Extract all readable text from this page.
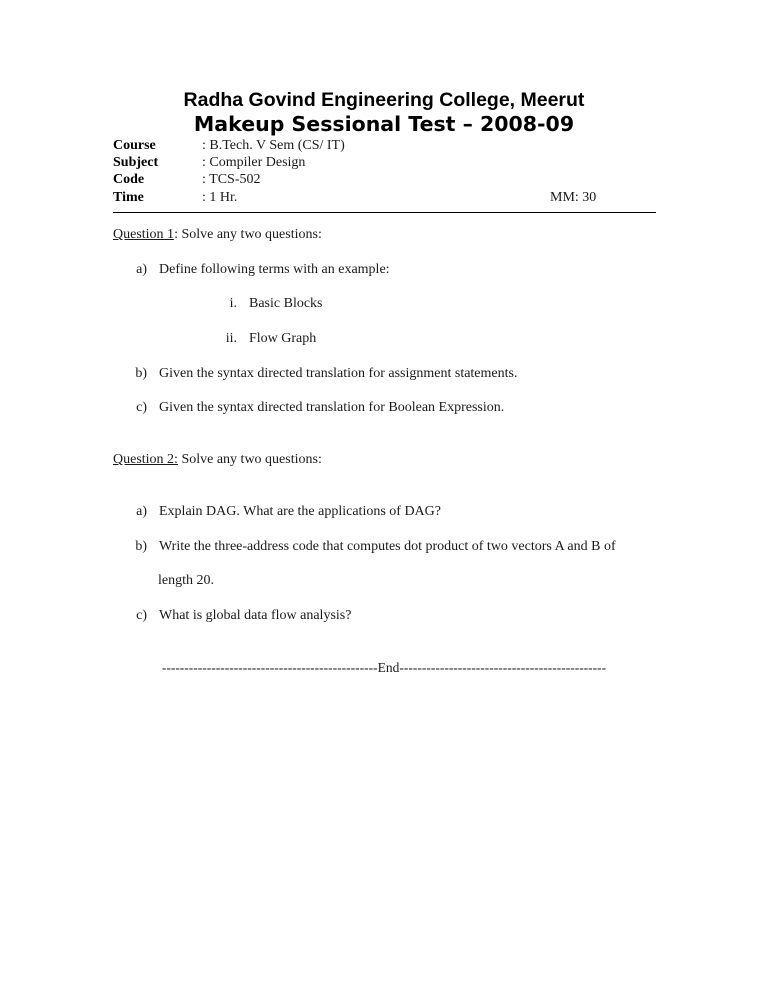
Radha Govind Engineering College, Meerut
Makeup Sessional Test – 2008-09
Course	: B.Tech. V Sem (CS/ IT)
Subject	: Compiler Design
Code	: TCS-502
Time	: 1 Hr.	MM: 30
Question 1: Solve any two questions:
a) Define following terms with an example:
i. Basic Blocks
ii. Flow Graph
b) Given the syntax directed translation for assignment statements.
c) Given the syntax directed translation for Boolean Expression.
Question 2: Solve any two questions:
a) Explain DAG. What are the applications of DAG?
b) Write the three-address code that computes dot product of two vectors A and B of
length 20.
c) What is global data flow analysis?
------------------------------------------------End----------------------------------------------
